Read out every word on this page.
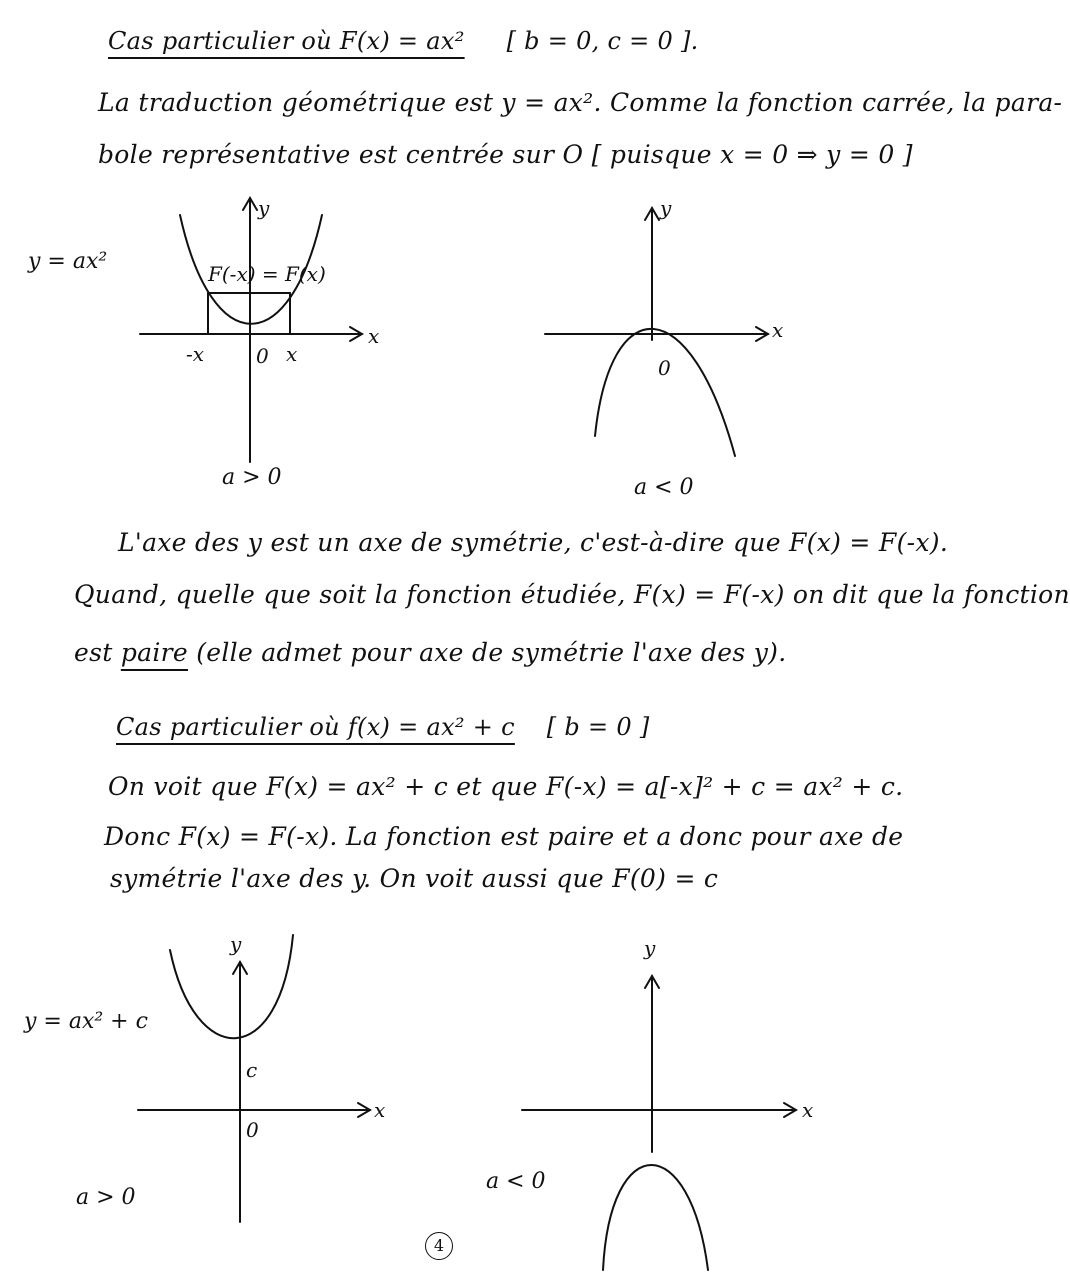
Cas particulier où F(x) = ax² [ b = 0, c = 0 ].
La traduction géométrique est y = ax². Comme la fonction carrée, la para-
bole représentative est centrée sur O [ puisque x = 0 ⇒ y = 0 ]
y = ax²
y
F(-x) = F(x)
x
-x	0 x
a > 0
y
x
0
a < 0
L'axe des y est un axe de symétrie, c'est-à-dire que F(x) = F(-x).
Quand, quelle que soit la fonction étudiée, F(x) = F(-x) on dit que la fonction
est paire (elle admet pour axe de symétrie l'axe des y).
Cas particulier où f(x) = ax² + c [ b = 0 ]
On voit que F(x) = ax² + c et que F(-x) = a[-x]² + c = ax² + c.
Donc F(x) = F(-x). La fonction est paire et a donc pour axe de
symétrie l'axe des y. On voit aussi que F(0) = c
y = ax² + c
y
c
x
0
a > 0
y
x
a < 0
4
